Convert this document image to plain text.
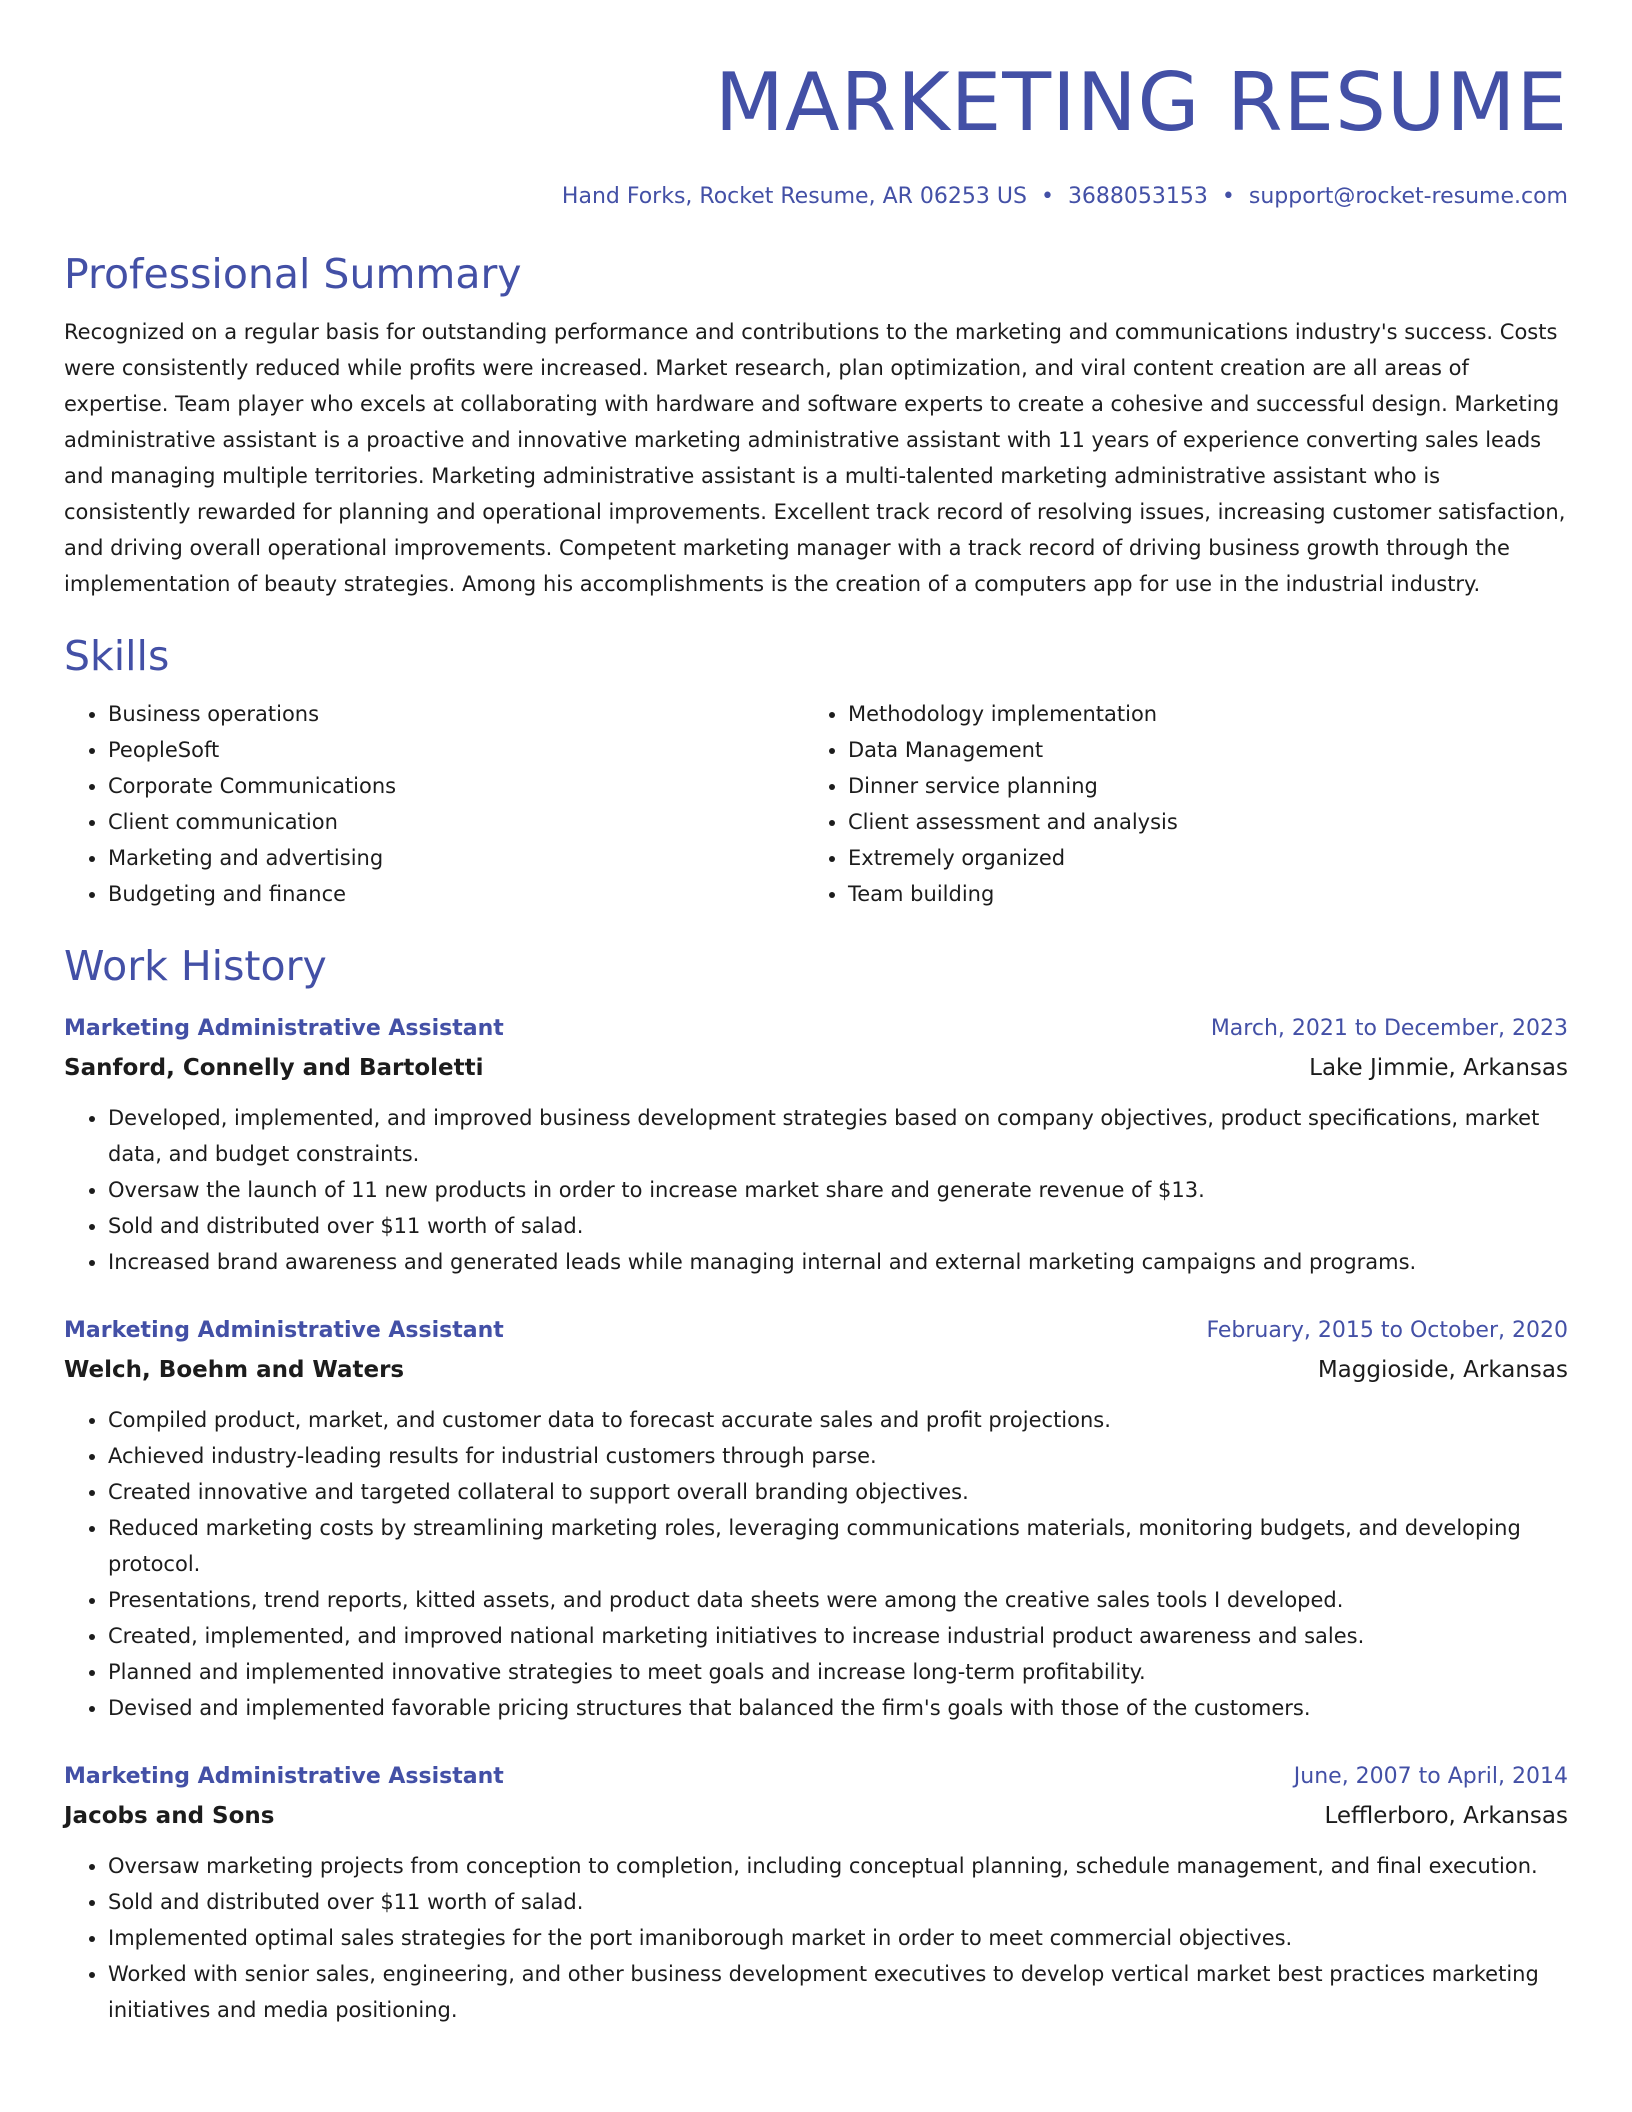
MARKETING RESUME
Hand Forks, Rocket Resume, AR 06253 US • 3688053153 • support@rocket-resume.com
Professional Summary
Recognized on a regular basis for outstanding performance and contributions to the marketing and communications industry's success. Costs were consistently reduced while profits were increased. Market research, plan optimization, and viral content creation are all areas of expertise. Team player who excels at collaborating with hardware and software experts to create a cohesive and successful design. Marketing administrative assistant is a proactive and innovative marketing administrative assistant with 11 years of experience converting sales leads and managing multiple territories. Marketing administrative assistant is a multi-talented marketing administrative assistant who is consistently rewarded for planning and operational improvements. Excellent track record of resolving issues, increasing customer satisfaction, and driving overall operational improvements. Competent marketing manager with a track record of driving business growth through the implementation of beauty strategies. Among his accomplishments is the creation of a computers app for use in the industrial industry.
Skills
• Business operations
• PeopleSoft
• Corporate Communications
• Client communication
• Marketing and advertising
• Budgeting and finance
• Methodology implementation
• Data Management
• Dinner service planning
• Client assessment and analysis
• Extremely organized
• Team building
Work History
Marketing Administrative Assistant	March, 2021 to December, 2023
Sanford, Connelly and Bartoletti	Lake Jimmie, Arkansas
• Developed, implemented, and improved business development strategies based on company objectives, product specifications, market data, and budget constraints.
• Oversaw the launch of 11 new products in order to increase market share and generate revenue of $13.
• Sold and distributed over $11 worth of salad.
• Increased brand awareness and generated leads while managing internal and external marketing campaigns and programs.
Marketing Administrative Assistant	February, 2015 to October, 2020
Welch, Boehm and Waters	Maggioside, Arkansas
• Compiled product, market, and customer data to forecast accurate sales and profit projections.
• Achieved industry-leading results for industrial customers through parse.
• Created innovative and targeted collateral to support overall branding objectives.
• Reduced marketing costs by streamlining marketing roles, leveraging communications materials, monitoring budgets, and developing protocol.
• Presentations, trend reports, kitted assets, and product data sheets were among the creative sales tools I developed.
• Created, implemented, and improved national marketing initiatives to increase industrial product awareness and sales.
• Planned and implemented innovative strategies to meet goals and increase long-term profitability.
• Devised and implemented favorable pricing structures that balanced the firm's goals with those of the customers.
Marketing Administrative Assistant	June, 2007 to April, 2014
Jacobs and Sons	Lefflerboro, Arkansas
• Oversaw marketing projects from conception to completion, including conceptual planning, schedule management, and final execution.
• Sold and distributed over $11 worth of salad.
• Implemented optimal sales strategies for the port imaniborough market in order to meet commercial objectives.
• Worked with senior sales, engineering, and other business development executives to develop vertical market best practices marketing initiatives and media positioning.
